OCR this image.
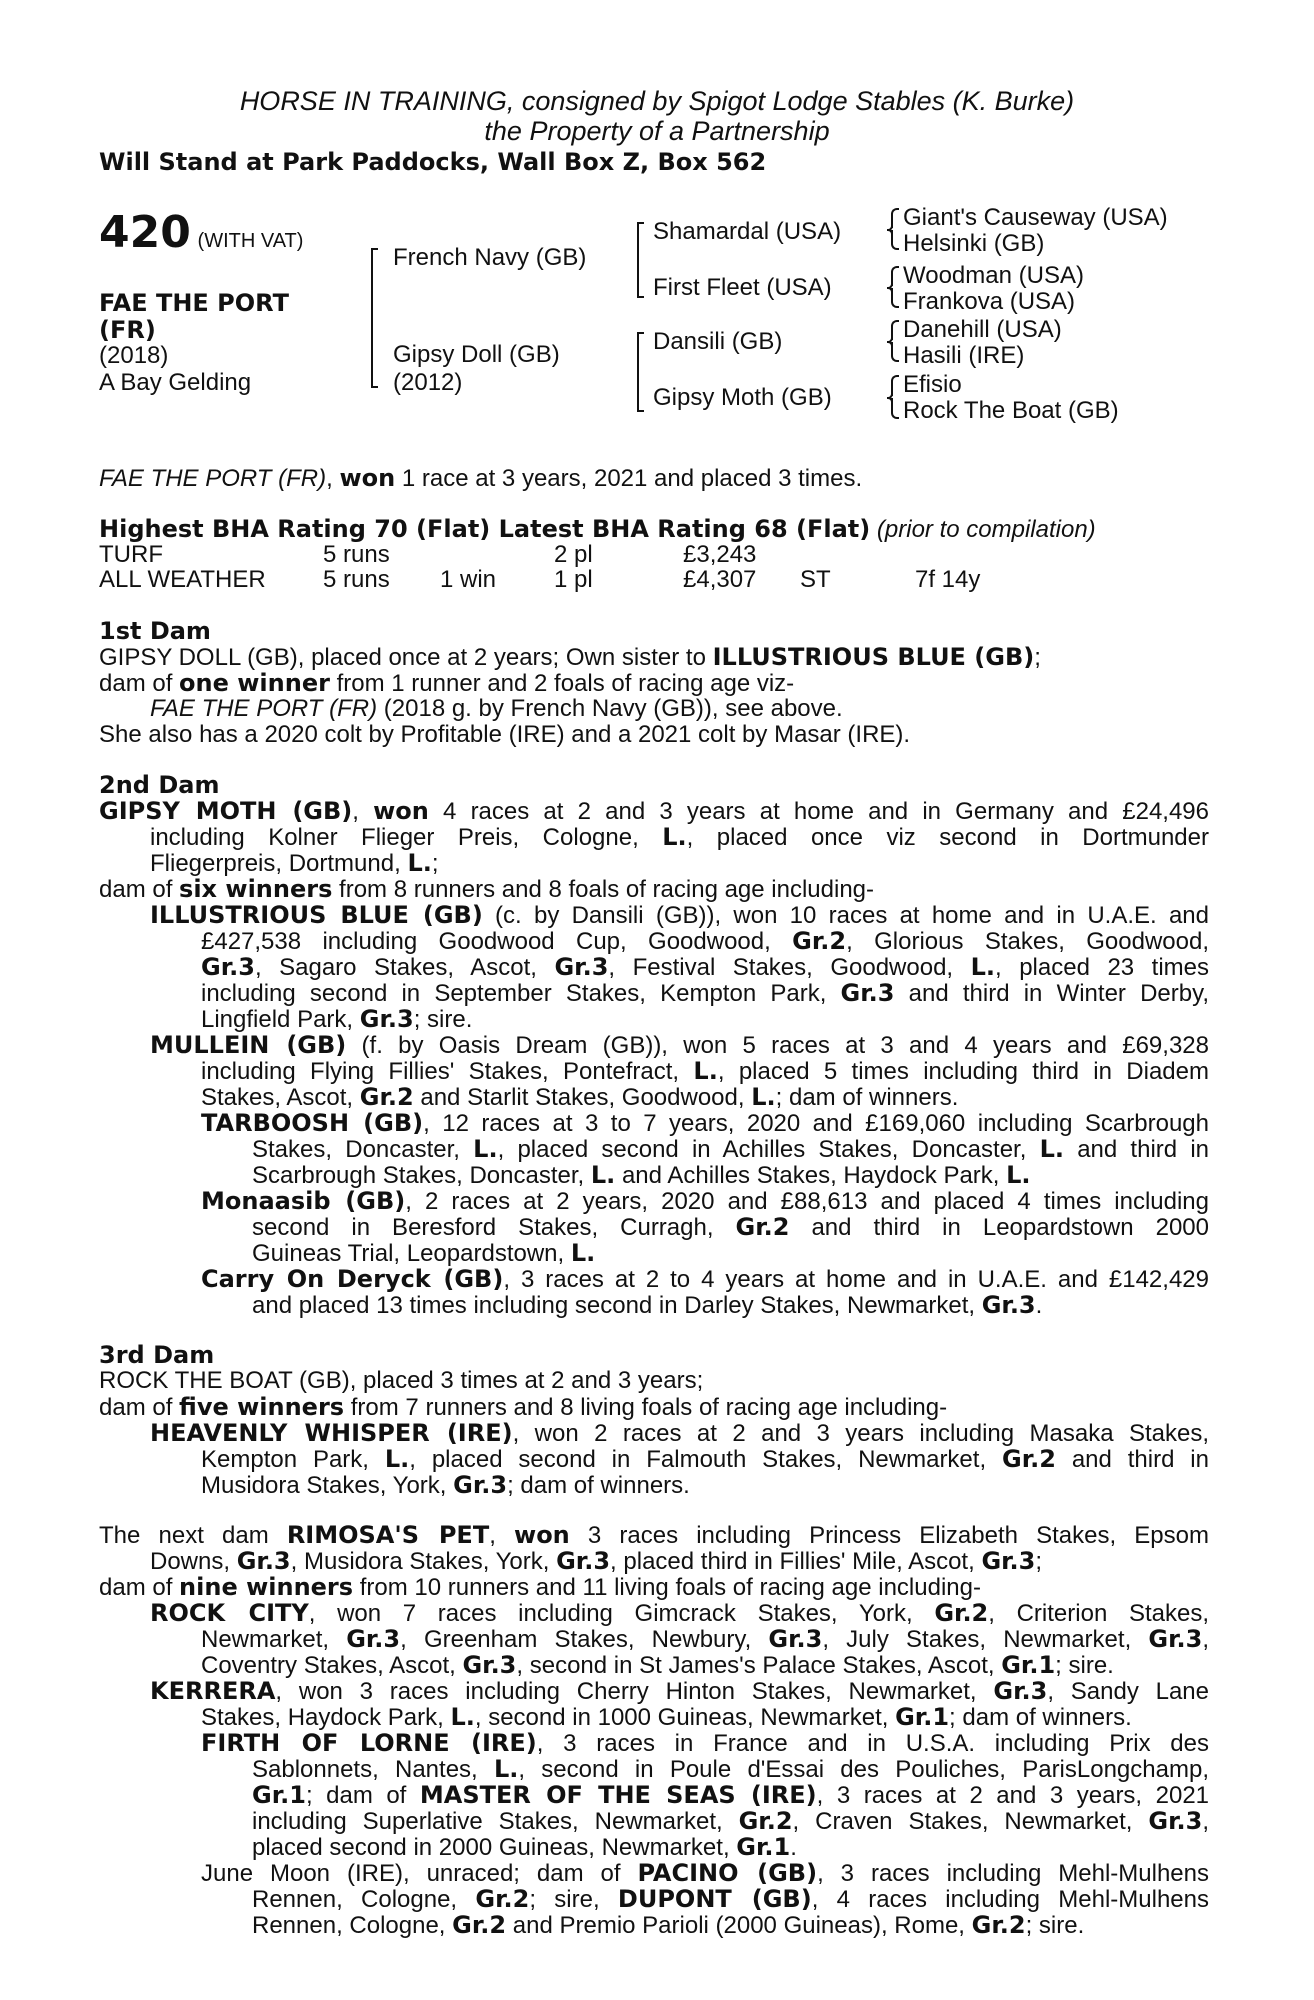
HORSE IN TRAINING, consigned by Spigot Lodge Stables (K. Burke)
the Property of a Partnership
Will Stand at Park Paddocks, Wall Box Z, Box 562
420 (WITH VAT)
FAE THE PORT
(FR)
(2018)
A Bay Gelding
French Navy (GB)
Gipsy Doll (GB)
(2012)
Shamardal (USA)
First Fleet (USA)
Dansili (GB)
Gipsy Moth (GB)
Giant's Causeway (USA)
Helsinki (GB)
Woodman (USA)
Frankova (USA)
Danehill (USA)
Hasili (IRE)
Efisio
Rock The Boat (GB)
FAE THE PORT (FR), won 1 race at 3 years, 2021 and placed 3 times.
Highest BHA Rating 70 (Flat) Latest BHA Rating 68 (Flat) (prior to compilation)
TURF	5 runs	2 pl	£3,243
ALL WEATHER 5 runs 1 win 1 pl	£4,307 ST	7f 14y
1st Dam
GIPSY DOLL (GB), placed once at 2 years; Own sister to ILLUSTRIOUS BLUE (GB);
dam of one winner from 1 runner and 2 foals of racing age viz-
FAE THE PORT (FR) (2018 g. by French Navy (GB)), see above.
She also has a 2020 colt by Profitable (IRE) and a 2021 colt by Masar (IRE).
2nd Dam
GIPSY MOTH (GB), won 4 races at 2 and 3 years at home and in Germany and £24,496
including Kolner Flieger Preis, Cologne, L., placed once viz second in Dortmunder
Fliegerpreis, Dortmund, L.;
dam of six winners from 8 runners and 8 foals of racing age including-
ILLUSTRIOUS BLUE (GB) (c. by Dansili (GB)), won 10 races at home and in U.A.E. and
£427,538 including Goodwood Cup, Goodwood, Gr.2, Glorious Stakes, Goodwood,
Gr.3, Sagaro Stakes, Ascot, Gr.3, Festival Stakes, Goodwood, L., placed 23 times
including second in September Stakes, Kempton Park, Gr.3 and third in Winter Derby,
Lingfield Park, Gr.3; sire.
MULLEIN (GB) (f. by Oasis Dream (GB)), won 5 races at 3 and 4 years and £69,328
including Flying Fillies' Stakes, Pontefract, L., placed 5 times including third in Diadem
Stakes, Ascot, Gr.2 and Starlit Stakes, Goodwood, L.; dam of winners.
TARBOOSH (GB), 12 races at 3 to 7 years, 2020 and £169,060 including Scarbrough
Stakes, Doncaster, L., placed second in Achilles Stakes, Doncaster, L. and third in
Scarbrough Stakes, Doncaster, L. and Achilles Stakes, Haydock Park, L.
Monaasib (GB), 2 races at 2 years, 2020 and £88,613 and placed 4 times including
second in Beresford Stakes, Curragh, Gr.2 and third in Leopardstown 2000
Guineas Trial, Leopardstown, L.
Carry On Deryck (GB), 3 races at 2 to 4 years at home and in U.A.E. and £142,429
and placed 13 times including second in Darley Stakes, Newmarket, Gr.3.
3rd Dam
ROCK THE BOAT (GB), placed 3 times at 2 and 3 years;
dam of five winners from 7 runners and 8 living foals of racing age including-
HEAVENLY WHISPER (IRE), won 2 races at 2 and 3 years including Masaka Stakes,
Kempton Park, L., placed second in Falmouth Stakes, Newmarket, Gr.2 and third in
Musidora Stakes, York, Gr.3; dam of winners.
The next dam RIMOSA'S PET, won 3 races including Princess Elizabeth Stakes, Epsom
Downs, Gr.3, Musidora Stakes, York, Gr.3, placed third in Fillies' Mile, Ascot, Gr.3;
dam of nine winners from 10 runners and 11 living foals of racing age including-
ROCK CITY, won 7 races including Gimcrack Stakes, York, Gr.2, Criterion Stakes,
Newmarket, Gr.3, Greenham Stakes, Newbury, Gr.3, July Stakes, Newmarket, Gr.3,
Coventry Stakes, Ascot, Gr.3, second in St James's Palace Stakes, Ascot, Gr.1; sire.
KERRERA, won 3 races including Cherry Hinton Stakes, Newmarket, Gr.3, Sandy Lane
Stakes, Haydock Park, L., second in 1000 Guineas, Newmarket, Gr.1; dam of winners.
FIRTH OF LORNE (IRE), 3 races in France and in U.S.A. including Prix des
Sablonnets, Nantes, L., second in Poule d'Essai des Pouliches, ParisLongchamp,
Gr.1; dam of MASTER OF THE SEAS (IRE), 3 races at 2 and 3 years, 2021
including Superlative Stakes, Newmarket, Gr.2, Craven Stakes, Newmarket, Gr.3,
placed second in 2000 Guineas, Newmarket, Gr.1.
June Moon (IRE), unraced; dam of PACINO (GB), 3 races including Mehl-Mulhens
Rennen, Cologne, Gr.2; sire, DUPONT (GB), 4 races including Mehl-Mulhens
Rennen, Cologne, Gr.2 and Premio Parioli (2000 Guineas), Rome, Gr.2; sire.
